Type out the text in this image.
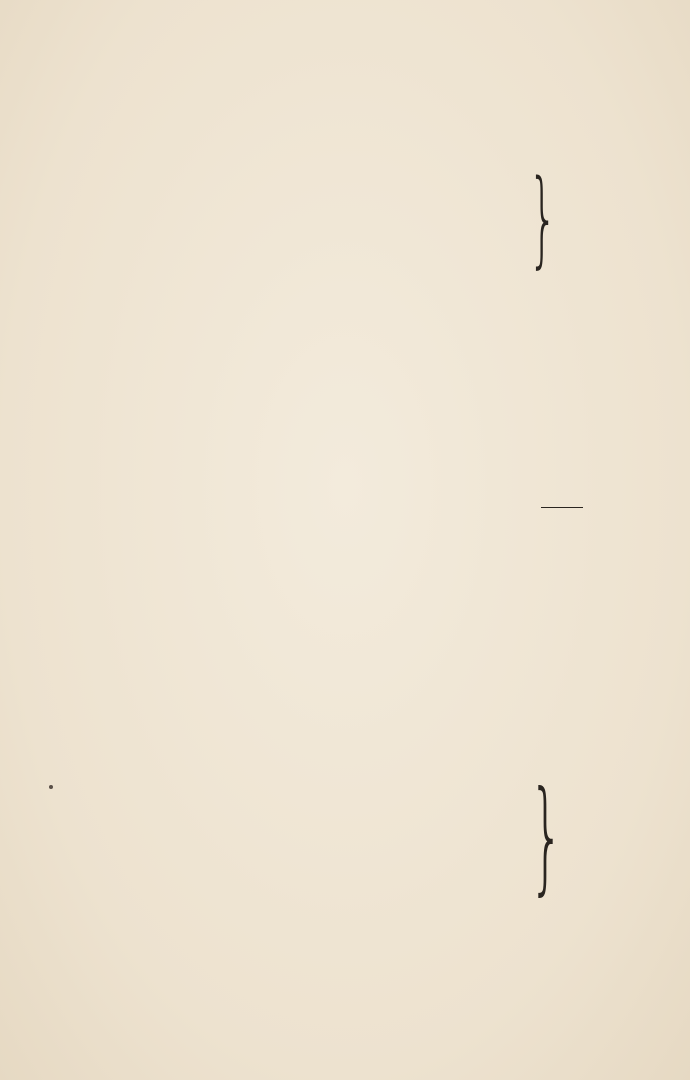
}
}
